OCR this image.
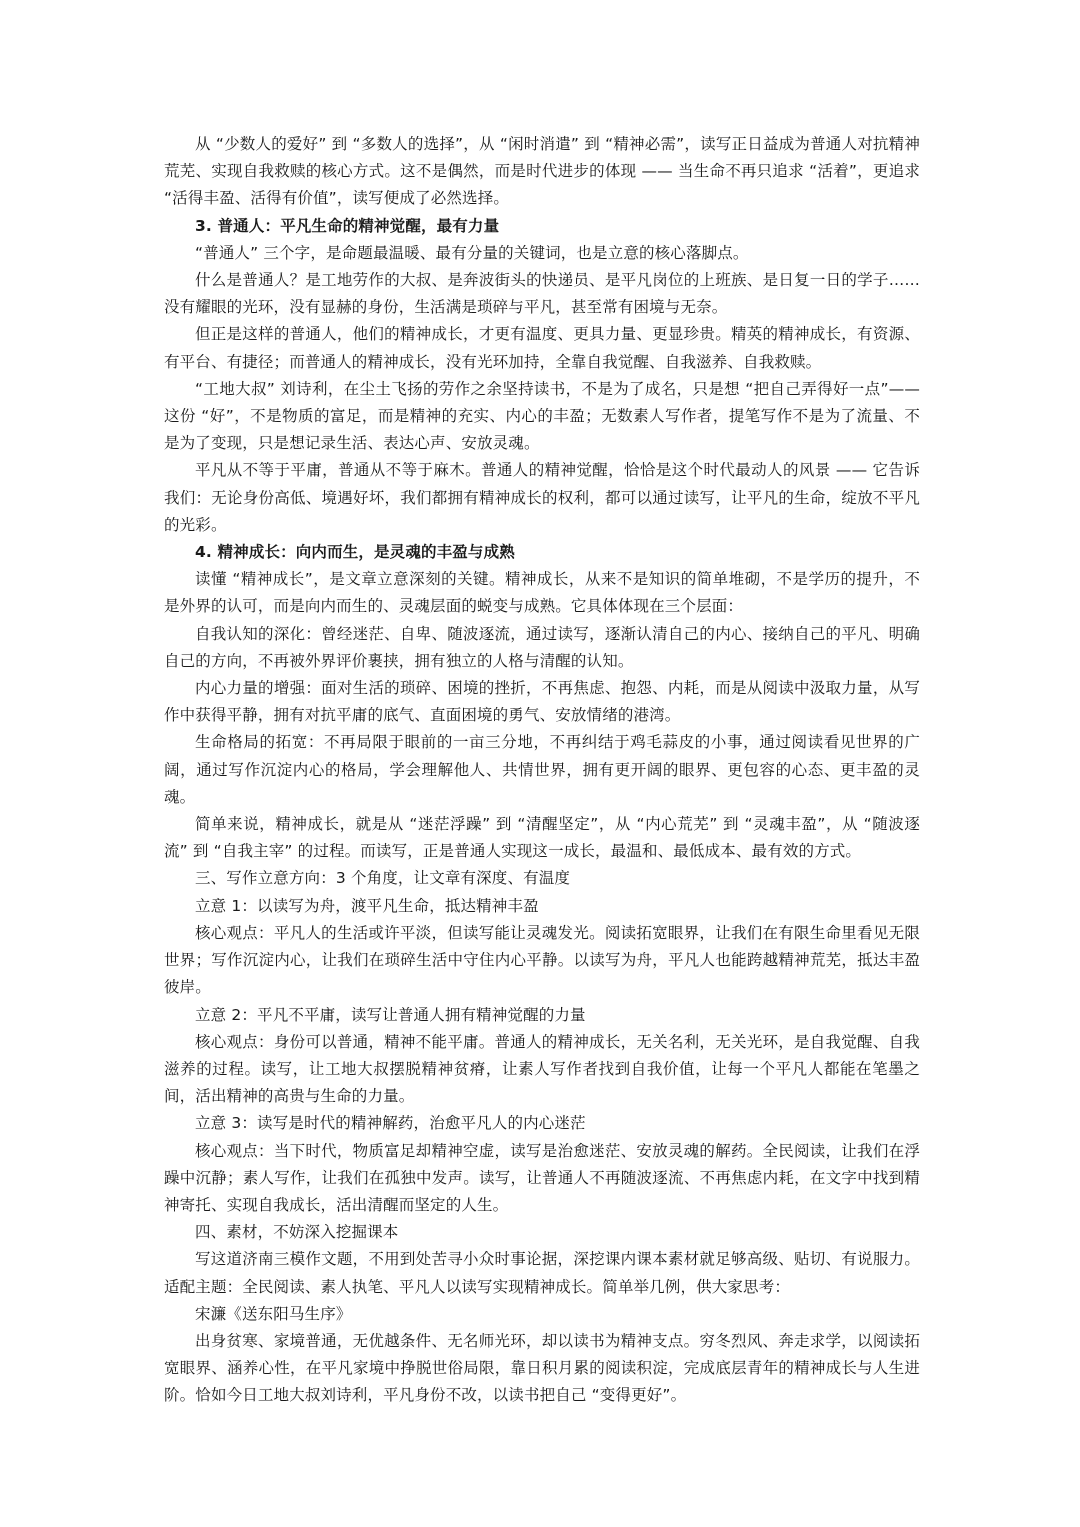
从 “少数人的爱好” 到 “多数人的选择”，从 “闲时消遣” 到 “精神必需”，读写正日益成为普通人对抗精神荒芜、实现自我救赎的核心方式。这不是偶然，而是时代进步的体现 —— 当生命不再只追求 “活着”，更追求 “活得丰盈、活得有价值”，读写便成了必然选择。

3. 普通人：平凡生命的精神觉醒，最有力量

“普通人” 三个字，是命题最温暖、最有分量的关键词，也是立意的核心落脚点。

什么是普通人？是工地劳作的大叔、是奔波街头的快递员、是平凡岗位的上班族、是日复一日的学子……没有耀眼的光环，没有显赫的身份，生活满是琐碎与平凡，甚至常有困境与无奈。

但正是这样的普通人，他们的精神成长，才更有温度、更具力量、更显珍贵。精英的精神成长，有资源、有平台、有捷径；而普通人的精神成长，没有光环加持，全靠自我觉醒、自我滋养、自我救赎。

“工地大叔” 刘诗利，在尘土飞扬的劳作之余坚持读书，不是为了成名，只是想 “把自己弄得好一点”—— 这份 “好”，不是物质的富足，而是精神的充实、内心的丰盈；无数素人写作者，提笔写作不是为了流量、不是为了变现，只是想记录生活、表达心声、安放灵魂。

平凡从不等于平庸，普通从不等于麻木。普通人的精神觉醒，恰恰是这个时代最动人的风景 —— 它告诉我们：无论身份高低、境遇好坏，我们都拥有精神成长的权利，都可以通过读写，让平凡的生命，绽放不平凡的光彩。

4. 精神成长：向内而生，是灵魂的丰盈与成熟

读懂 “精神成长”，是文章立意深刻的关键。精神成长，从来不是知识的简单堆砌，不是学历的提升，不是外界的认可，而是向内而生的、灵魂层面的蜕变与成熟。它具体体现在三个层面：

自我认知的深化：曾经迷茫、自卑、随波逐流，通过读写，逐渐认清自己的内心、接纳自己的平凡、明确自己的方向，不再被外界评价裹挟，拥有独立的人格与清醒的认知。

内心力量的增强：面对生活的琐碎、困境的挫折，不再焦虑、抱怨、内耗，而是从阅读中汲取力量，从写作中获得平静，拥有对抗平庸的底气、直面困境的勇气、安放情绪的港湾。

生命格局的拓宽：不再局限于眼前的一亩三分地，不再纠结于鸡毛蒜皮的小事，通过阅读看见世界的广阔，通过写作沉淀内心的格局，学会理解他人、共情世界，拥有更开阔的眼界、更包容的心态、更丰盈的灵魂。

简单来说，精神成长，就是从 “迷茫浮躁” 到 “清醒坚定”，从 “内心荒芜” 到 “灵魂丰盈”，从 “随波逐流” 到 “自我主宰” 的过程。而读写，正是普通人实现这一成长，最温和、最低成本、最有效的方式。

三、写作立意方向：3 个角度，让文章有深度、有温度

立意 1：以读写为舟，渡平凡生命，抵达精神丰盈

核心观点：平凡人的生活或许平淡，但读写能让灵魂发光。阅读拓宽眼界，让我们在有限生命里看见无限世界；写作沉淀内心，让我们在琐碎生活中守住内心平静。以读写为舟，平凡人也能跨越精神荒芜，抵达丰盈彼岸。

立意 2：平凡不平庸，读写让普通人拥有精神觉醒的力量

核心观点：身份可以普通，精神不能平庸。普通人的精神成长，无关名利，无关光环，是自我觉醒、自我滋养的过程。读写，让工地大叔摆脱精神贫瘠，让素人写作者找到自我价值，让每一个平凡人都能在笔墨之间，活出精神的高贵与生命的力量。

立意 3：读写是时代的精神解药，治愈平凡人的内心迷茫

核心观点：当下时代，物质富足却精神空虚，读写是治愈迷茫、安放灵魂的解药。全民阅读，让我们在浮躁中沉静；素人写作，让我们在孤独中发声。读写，让普通人不再随波逐流、不再焦虑内耗，在文字中找到精神寄托、实现自我成长，活出清醒而坚定的人生。

四、素材，不妨深入挖掘课本

写这道济南三模作文题，不用到处苦寻小众时事论据，深挖课内课本素材就足够高级、贴切、有说服力。适配主题：全民阅读、素人执笔、平凡人以读写实现精神成长。简单举几例，供大家思考：

宋濂《送东阳马生序》

出身贫寒、家境普通，无优越条件、无名师光环，却以读书为精神支点。穷冬烈风、奔走求学，以阅读拓宽眼界、涵养心性，在平凡家境中挣脱世俗局限，靠日积月累的阅读积淀，完成底层青年的精神成长与人生进阶。恰如今日工地大叔刘诗利，平凡身份不改，以读书把自己 “变得更好”。
